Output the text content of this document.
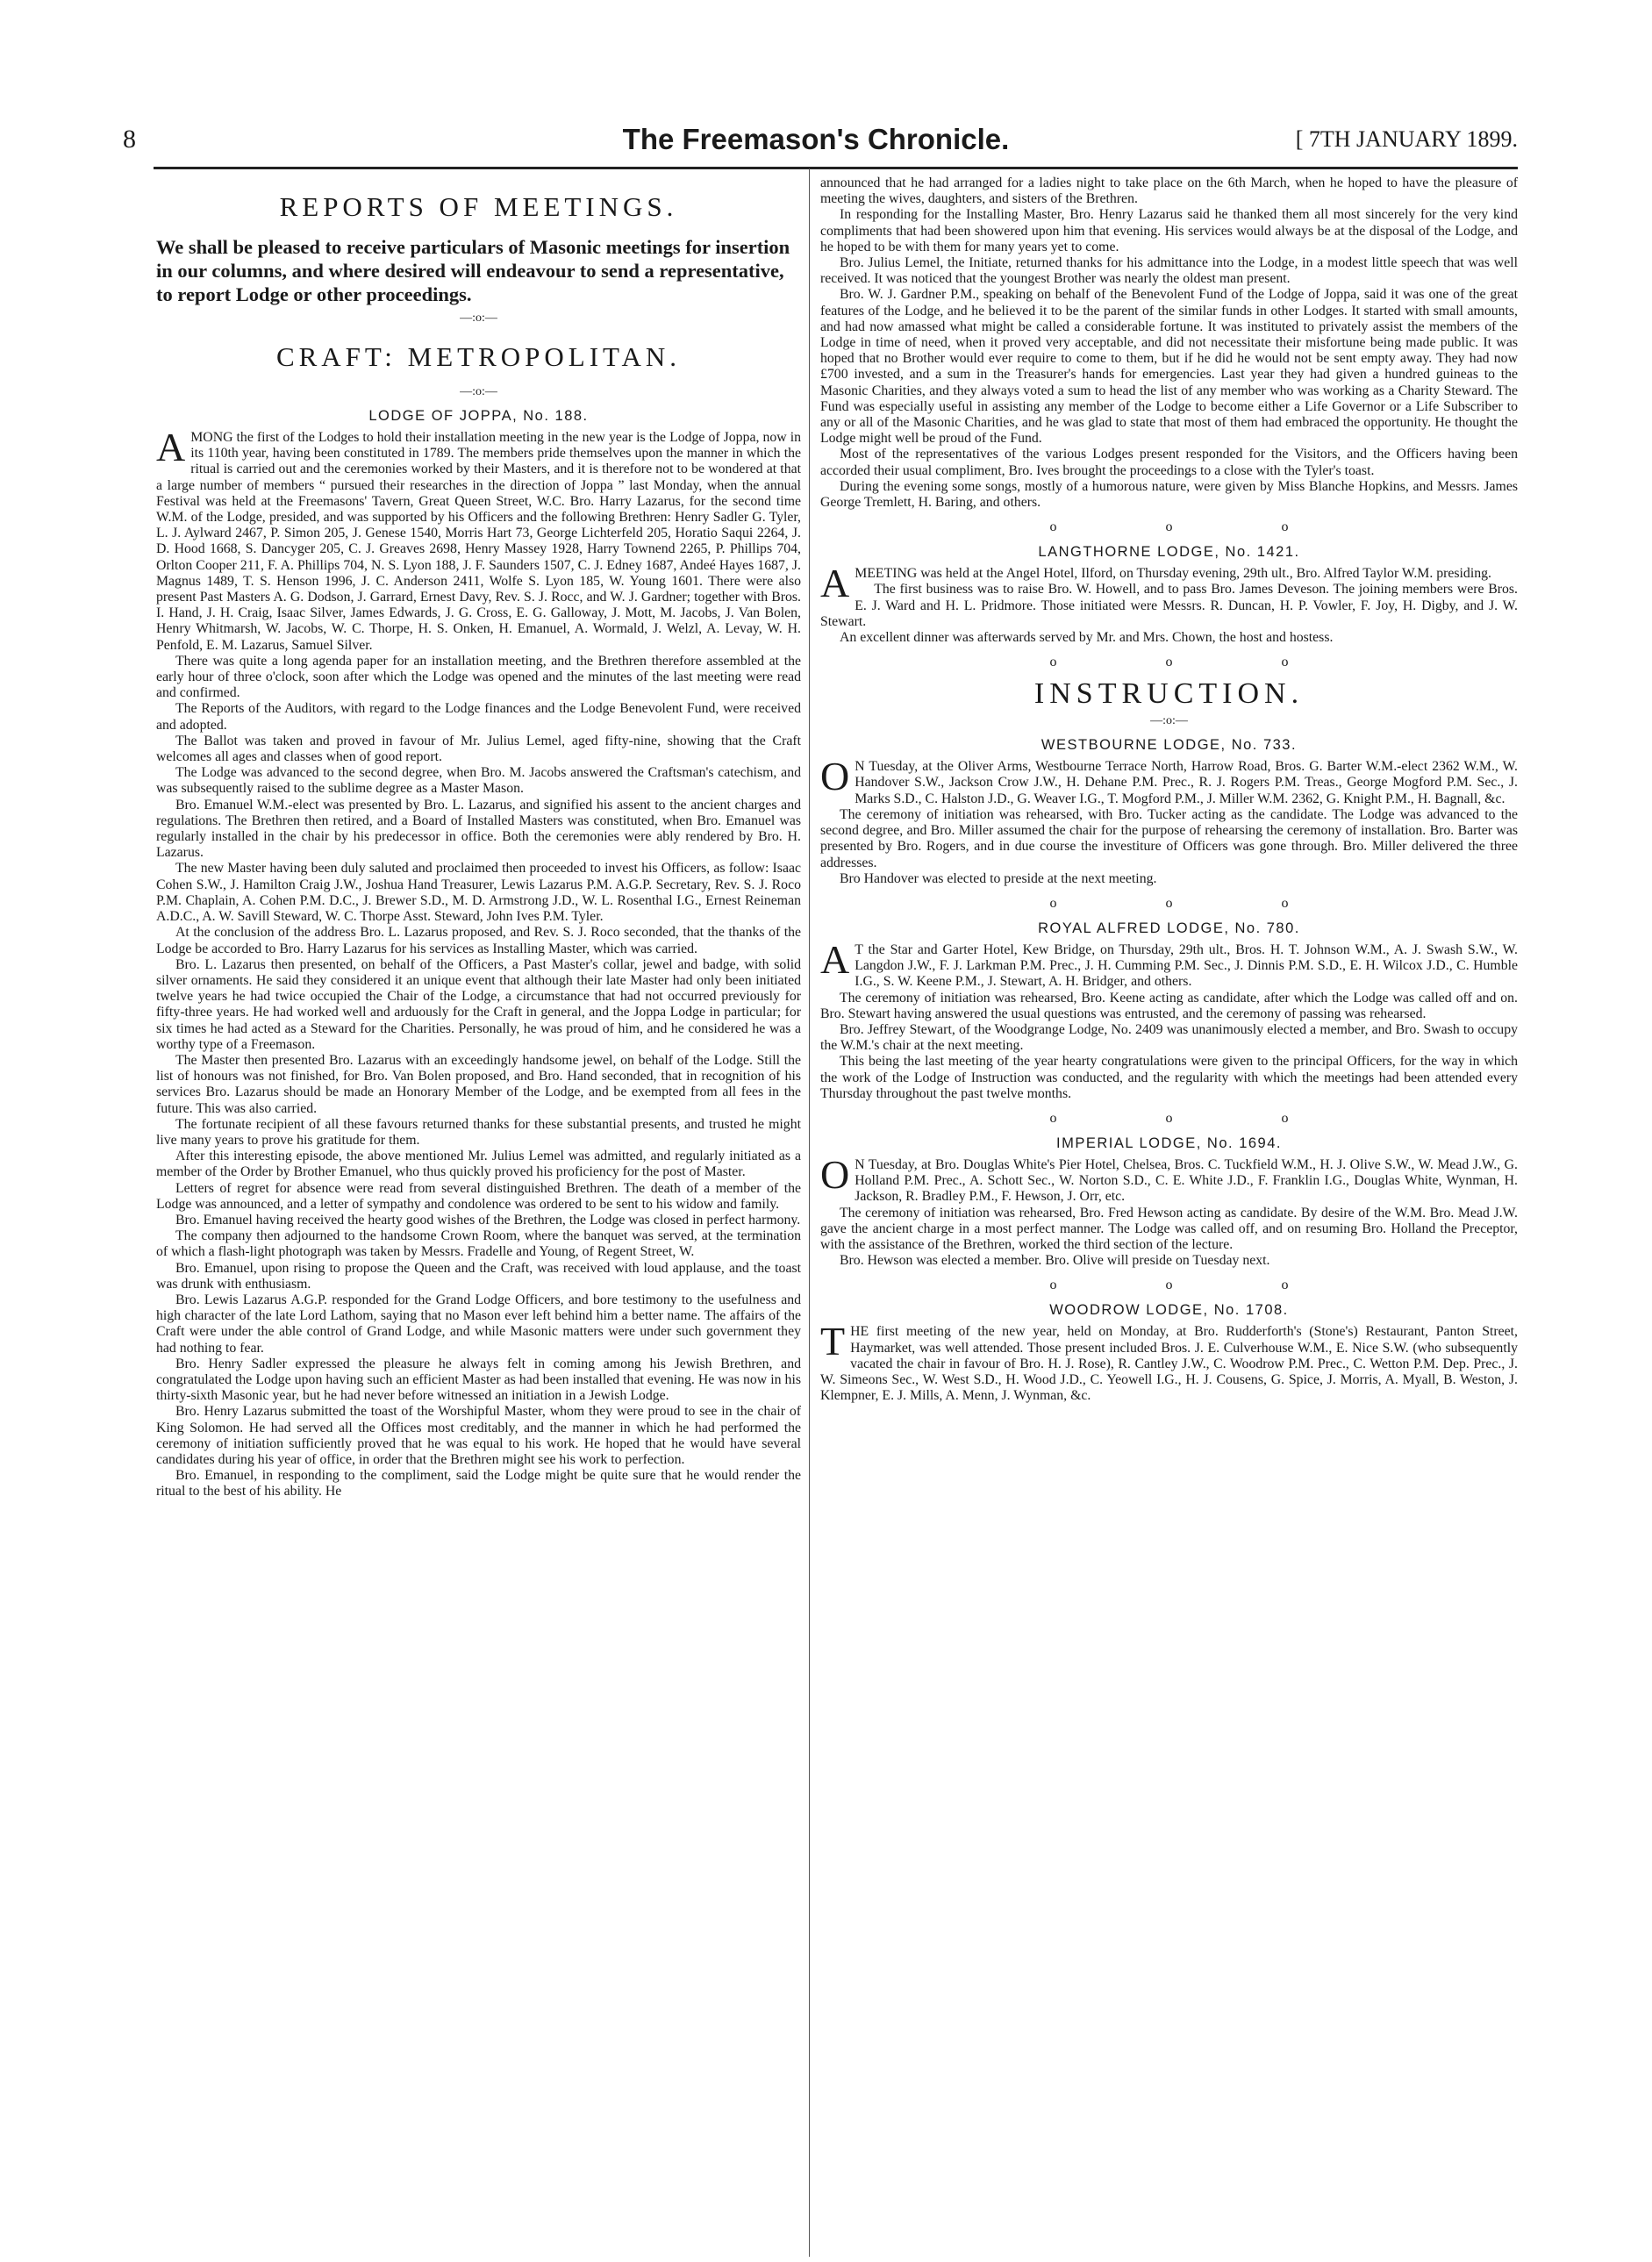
8	The Freemason's Chronicle.	[ 7TH JANUARY 1899.
REPORTS OF MEETINGS.

We shall be pleased to receive particulars of Masonic meetings for insertion in our columns, and where desired will endeavour to send a representative, to report Lodge or other proceedings.

—:o:—
CRAFT: METROPOLITAN.
—:o:—
LODGE OF JOPPA, No. 188.

AMONG the first of the Lodges to hold their installation meeting in the new year is the Lodge of Joppa, now in its 110th year, having been constituted in 1789. The members pride themselves upon the manner in which the ritual is carried out and the ceremonies worked by their Masters, and it is therefore not to be wondered at that a large number of members “ pursued their researches in the direction of Joppa ” last Monday, when the annual Festival was held at the Freemasons' Tavern, Great Queen Street, W.C. Bro. Harry Lazarus, for the second time W.M. of the Lodge, presided, and was supported by his Officers and the following Brethren: Henry Sadler G. Tyler, L. J. Aylward 2467, P. Simon 205, J. Genese 1540, Morris Hart 73, George Lichterfeld 205, Horatio Saqui 2264, J. D. Hood 1668, S. Dancyger 205, C. J. Greaves 2698, Henry Massey 1928, Harry Townend 2265, P. Phillips 704, Orlton Cooper 211, F. A. Phillips 704, N. S. Lyon 188, J. F. Saunders 1507, C. J. Edney 1687, Andeé Hayes 1687, J. Magnus 1489, T. S. Henson 1996, J. C. Anderson 2411, Wolfe S. Lyon 185, W. Young 1601. There were also present Past Masters A. G. Dodson, J. Garrard, Ernest Davy, Rev. S. J. Rocc, and W. J. Gardner; together with Bros. I. Hand, J. H. Craig, Isaac Silver, James Edwards, J. G. Cross, E. G. Galloway, J. Mott, M. Jacobs, J. Van Bolen, Henry Whitmarsh, W. Jacobs, W. C. Thorpe, H. S. Onken, H. Emanuel, A. Wormald, J. Welzl, A. Levay, W. H. Penfold, E. M. Lazarus, Samuel Silver.

There was quite a long agenda paper for an installation meeting, and the Brethren therefore assembled at the early hour of three o'clock, soon after which the Lodge was opened and the minutes of the last meeting were read and confirmed.

The Reports of the Auditors, with regard to the Lodge finances and the Lodge Benevolent Fund, were received and adopted.

The Ballot was taken and proved in favour of Mr. Julius Lemel, aged fifty-nine, showing that the Craft welcomes all ages and classes when of good report.

The Lodge was advanced to the second degree, when Bro. M. Jacobs answered the Craftsman's catechism, and was subsequently raised to the sublime degree as a Master Mason.

Bro. Emanuel W.M.-elect was presented by Bro. L. Lazarus, and signified his assent to the ancient charges and regulations. The Brethren then retired, and a Board of Installed Masters was constituted, when Bro. Emanuel was regularly installed in the chair by his predecessor in office. Both the ceremonies were ably rendered by Bro. H. Lazarus.

The new Master having been duly saluted and proclaimed then proceeded to invest his Officers, as follow: Isaac Cohen S.W., J. Hamilton Craig J.W., Joshua Hand Treasurer, Lewis Lazarus P.M. A.G.P. Secretary, Rev. S. J. Roco P.M. Chaplain, A. Cohen P.M. D.C., J. Brewer S.D., M. D. Armstrong J.D., W. L. Rosenthal I.G., Ernest Reineman A.D.C., A. W. Savill Steward, W. C. Thorpe Asst. Steward, John Ives P.M. Tyler.

At the conclusion of the address Bro. L. Lazarus proposed, and Rev. S. J. Roco seconded, that the thanks of the Lodge be accorded to Bro. Harry Lazarus for his services as Installing Master, which was carried.

Bro. L. Lazarus then presented, on behalf of the Officers, a Past Master's collar, jewel and badge, with solid silver ornaments. He said they considered it an unique event that although their late Master had only been initiated twelve years he had twice occupied the Chair of the Lodge, a circumstance that had not occurred previously for fifty-three years. He had worked well and arduously for the Craft in general, and the Joppa Lodge in particular; for six times he had acted as a Steward for the Charities. Personally, he was proud of him, and he considered he was a worthy type of a Freemason.

The Master then presented Bro. Lazarus with an exceedingly handsome jewel, on behalf of the Lodge. Still the list of honours was not finished, for Bro. Van Bolen proposed, and Bro. Hand seconded, that in recognition of his services Bro. Lazarus should be made an Honorary Member of the Lodge, and be exempted from all fees in the future. This was also carried.

The fortunate recipient of all these favours returned thanks for these substantial presents, and trusted he might live many years to prove his gratitude for them.

After this interesting episode, the above mentioned Mr. Julius Lemel was admitted, and regularly initiated as a member of the Order by Brother Emanuel, who thus quickly proved his proficiency for the post of Master.

Letters of regret for absence were read from several distinguished Brethren. The death of a member of the Lodge was announced, and a letter of sympathy and condolence was ordered to be sent to his widow and family.

Bro. Emanuel having received the hearty good wishes of the Brethren, the Lodge was closed in perfect harmony.

The company then adjourned to the handsome Crown Room, where the banquet was served, at the termination of which a flash-light photograph was taken by Messrs. Fradelle and Young, of Regent Street, W.

Bro. Emanuel, upon rising to propose the Queen and the Craft, was received with loud applause, and the toast was drunk with enthusiasm.

Bro. Lewis Lazarus A.G.P. responded for the Grand Lodge Officers, and bore testimony to the usefulness and high character of the late Lord Lathom, saying that no Mason ever left behind him a better name. The affairs of the Craft were under the able control of Grand Lodge, and while Masonic matters were under such government they had nothing to fear.

Bro. Henry Sadler expressed the pleasure he always felt in coming among his Jewish Brethren, and congratulated the Lodge upon having such an efficient Master as had been installed that evening. He was now in his thirty-sixth Masonic year, but he had never before witnessed an initiation in a Jewish Lodge.

Bro. Henry Lazarus submitted the toast of the Worshipful Master, whom they were proud to see in the chair of King Solomon. He had served all the Offices most creditably, and the manner in which he had performed the ceremony of initiation sufficiently proved that he was equal to his work. He hoped that he would have several candidates during his year of office, in order that the Brethren might see his work to perfection.

Bro. Emanuel, in responding to the compliment, said the Lodge might be quite sure that he would render the ritual to the best of his ability. He

announced that he had arranged for a ladies night to take place on the 6th March, when he hoped to have the pleasure of meeting the wives, daughters, and sisters of the Brethren.

In responding for the Installing Master, Bro. Henry Lazarus said he thanked them all most sincerely for the very kind compliments that had been showered upon him that evening. His services would always be at the disposal of the Lodge, and he hoped to be with them for many years yet to come.

Bro. Julius Lemel, the Initiate, returned thanks for his admittance into the Lodge, in a modest little speech that was well received. It was noticed that the youngest Brother was nearly the oldest man present.

Bro. W. J. Gardner P.M., speaking on behalf of the Benevolent Fund of the Lodge of Joppa, said it was one of the great features of the Lodge, and he believed it to be the parent of the similar funds in other Lodges. It started with small amounts, and had now amassed what might be called a considerable fortune. It was instituted to privately assist the members of the Lodge in time of need, when it proved very acceptable, and did not necessitate their misfortune being made public. It was hoped that no Brother would ever require to come to them, but if he did he would not be sent empty away. They had now £700 invested, and a sum in the Treasurer's hands for emergencies. Last year they had given a hundred guineas to the Masonic Charities, and they always voted a sum to head the list of any member who was working as a Charity Steward. The Fund was especially useful in assisting any member of the Lodge to become either a Life Governor or a Life Subscriber to any or all of the Masonic Charities, and he was glad to state that most of them had embraced the opportunity. He thought the Lodge might well be proud of the Fund.

Most of the representatives of the various Lodges present responded for the Visitors, and the Officers having been accorded their usual compliment, Bro. Ives brought the proceedings to a close with the Tyler's toast.

During the evening some songs, mostly of a humorous nature, were given by Miss Blanche Hopkins, and Messrs. James George Tremlett, H. Baring, and others.

o o o
LANGTHORNE LODGE, No. 1421.

AMEETING was held at the Angel Hotel, Ilford, on Thursday evening, 29th ult., Bro. Alfred Taylor W.M. presiding.

The first business was to raise Bro. W. Howell, and to pass Bro. James Deveson. The joining members were Bros. E. J. Ward and H. L. Pridmore. Those initiated were Messrs. R. Duncan, H. P. Vowler, F. Joy, H. Digby, and J. W. Stewart.

An excellent dinner was afterwards served by Mr. and Mrs. Chown, the host and hostess.

o o o
INSTRUCTION.
—:o:—
WESTBOURNE LODGE, No. 733.

O N Tuesday, at the Oliver Arms, Westbourne Terrace North, Harrow Road, Bros. G. Barter W.M.-elect 2362 W.M., W. Handover S.W., Jackson Crow J.W., H. Dehane P.M. Prec., R. J. Rogers P.M. Treas., George Mogford P.M. Sec., J. Marks S.D., C. Halston J.D., G. Weaver I.G., T. Mogford P.M., J. Miller W.M. 2362, G. Knight P.M., H. Bagnall, &c.

The ceremony of initiation was rehearsed, with Bro. Tucker acting as the candidate. The Lodge was advanced to the second degree, and Bro. Miller assumed the chair for the purpose of rehearsing the ceremony of installation. Bro. Barter was presented by Bro. Rogers, and in due course the investiture of Officers was gone through. Bro. Miller delivered the three addresses.

Bro Handover was elected to preside at the next meeting.

o o o
ROYAL ALFRED LODGE, No. 780.

A T the Star and Garter Hotel, Kew Bridge, on Thursday, 29th ult., Bros. H. T. Johnson W.M., A. J. Swash S.W., W. Langdon J.W., F. J. Larkman P.M. Prec., J. H. Cumming P.M. Sec., J. Dinnis P.M. S.D., E. H. Wilcox J.D., C. Humble I.G., S. W. Keene P.M., J. Stewart, A. H. Bridger, and others.

The ceremony of initiation was rehearsed, Bro. Keene acting as candidate, after which the Lodge was called off and on. Bro. Stewart having answered the usual questions was entrusted, and the ceremony of passing was rehearsed.

Bro. Jeffrey Stewart, of the Woodgrange Lodge, No. 2409 was unanimously elected a member, and Bro. Swash to occupy the W.M.'s chair at the next meeting.

This being the last meeting of the year hearty congratulations were given to the principal Officers, for the way in which the work of the Lodge of Instruction was conducted, and the regularity with which the meetings had been attended every Thursday throughout the past twelve months.

o o o
IMPERIAL LODGE, No. 1694.

O N Tuesday, at Bro. Douglas White's Pier Hotel, Chelsea, Bros. C. Tuckfield W.M., H. J. Olive S.W., W. Mead J.W., G. Holland P.M. Prec., A. Schott Sec., W. Norton S.D., C. E. White J.D., F. Franklin I.G., Douglas White, Wynman, H. Jackson, R. Bradley P.M., F. Hewson, J. Orr, etc.

The ceremony of initiation was rehearsed, Bro. Fred Hewson acting as candidate. By desire of the W.M. Bro. Mead J.W. gave the ancient charge in a most perfect manner. The Lodge was called off, and on resuming Bro. Holland the Preceptor, with the assistance of the Brethren, worked the third section of the lecture.

Bro. Hewson was elected a member. Bro. Olive will preside on Tuesday next.

o o o
WOODROW LODGE, No. 1708.

THE first meeting of the new year, held on Monday, at Bro. Rudderforth's (Stone's) Restaurant, Panton Street, Haymarket, was well attended. Those present included Bros. J. E. Culverhouse W.M., E. Nice S.W. (who subsequently vacated the chair in favour of Bro. H. J. Rose), R. Cantley J.W., C. Woodrow P.M. Prec., C. Wetton P.M. Dep. Prec., J. W. Simeons Sec., W. West S.D., H. Wood J.D., C. Yeowell I.G., H. J. Cousens, G. Spice, J. Morris, A. Myall, B. Weston, J. Klempner, E. J. Mills, A. Menn, J. Wynman, &c.
